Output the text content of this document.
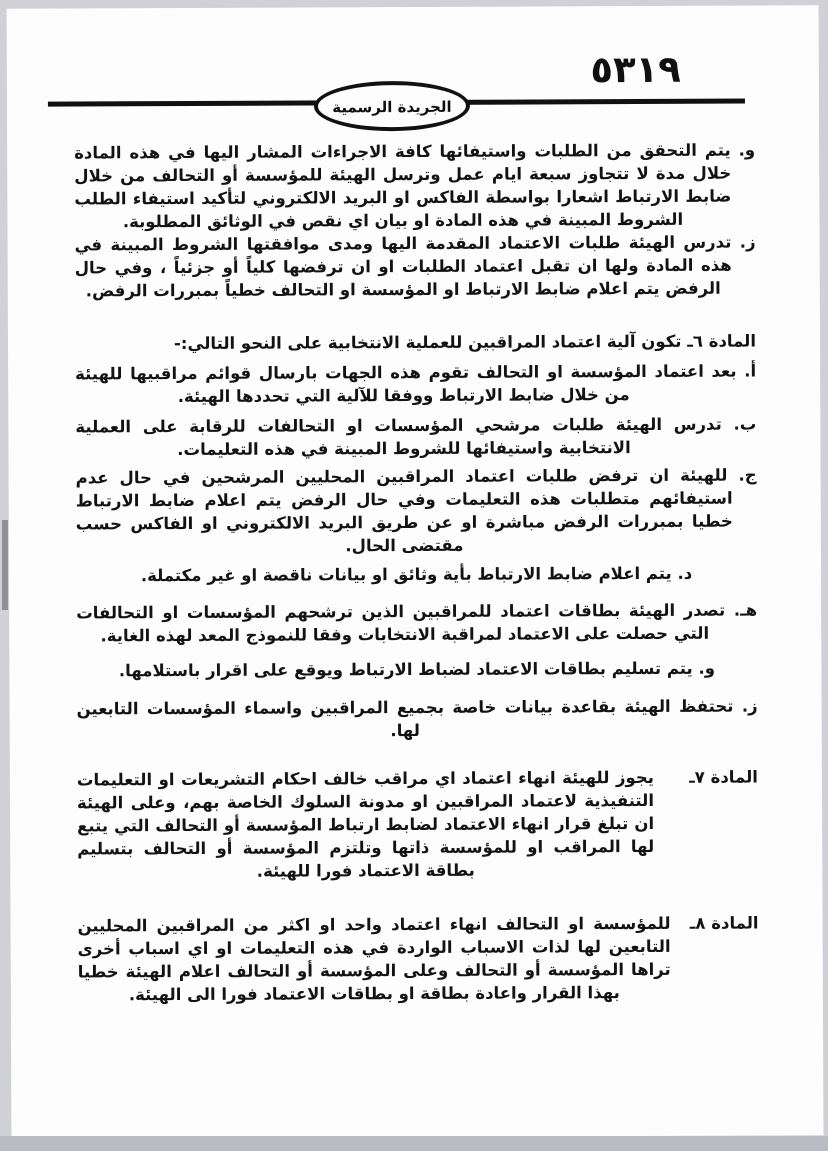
٥٣١٩
الجريدة الرسمية

و. يتم التحقق من الطلبات واستيفائها كافة الاجراءات المشار اليها في هذه المادة خلال مدة لا تتجاوز سبعة ايام عمل وترسل الهيئة للمؤسسة أو التحالف من خلال ضابط الارتباط اشعارا بواسطة الفاكس او البريد الالكتروني لتأكيد استيفاء الطلب الشروط المبينة في هذه المادة او بيان اي نقص في الوثائق المطلوبة.

ز. تدرس الهيئة طلبات الاعتماد المقدمة اليها ومدى موافقتها الشروط المبينة في هذه المادة ولها ان تقبل اعتماد الطلبات او ان ترفضها كلياً أو جزئياً ، وفي حال الرفض يتم اعلام ضابط الارتباط او المؤسسة او التحالف خطياً بمبررات الرفض.

المادة ٦ـ تكون آلية اعتماد المراقبين للعملية الانتخابية على النحو التالي:-

أ. بعد اعتماد المؤسسة او التحالف تقوم هذه الجهات بارسال قوائم مراقبيها للهيئة من خلال ضابط الارتباط ووفقا للآلية التي تحددها الهيئة.

ب. تدرس الهيئة طلبات مرشحي المؤسسات او التحالفات للرقابة على العملية الانتخابية واستيفائها للشروط المبينة في هذه التعليمات.

ج. للهيئة ان ترفض طلبات اعتماد المراقبين المحليين المرشحين في حال عدم استيفائهم متطلبات هذه التعليمات وفي حال الرفض يتم اعلام ضابط الارتباط خطيا بمبررات الرفض مباشرة او عن طريق البريد الالكتروني او الفاكس حسب مقتضى الحال.

د. يتم اعلام ضابط الارتباط بأية وثائق او بيانات ناقصة او غير مكتملة.

هـ. تصدر الهيئة بطاقات اعتماد للمراقبين الذين ترشحهم المؤسسات او التحالفات التي حصلت على الاعتماد لمراقبة الانتخابات وفقا للنموذج المعد لهذه الغاية.

و. يتم تسليم بطاقات الاعتماد لضباط الارتباط ويوقع على اقرار باستلامها.

ز. تحتفظ الهيئة بقاعدة بيانات خاصة بجميع المراقبين واسماء المؤسسات التابعين لها.

المادة ٧ـ

يجوز للهيئة انهاء اعتماد اي مراقب خالف احكام التشريعات او التعليمات التنفيذية لاعتماد المراقبين او مدونة السلوك الخاصة بهم، وعلى الهيئة ان تبلغ قرار انهاء الاعتماد لضابط ارتباط المؤسسة أو التحالف التي يتبع لها المراقب او للمؤسسة ذاتها وتلتزم المؤسسة أو التحالف بتسليم بطاقة الاعتماد فورا للهيئة.

المادة ٨ـ

للمؤسسة او التحالف انهاء اعتماد واحد او اكثر من المراقبين المحليين التابعين لها لذات الاسباب الواردة في هذه التعليمات او اي اسباب أخرى تراها المؤسسة أو التحالف وعلى المؤسسة أو التحالف اعلام الهيئة خطيا بهذا القرار واعادة بطاقة او بطاقات الاعتماد فورا الى الهيئة.
